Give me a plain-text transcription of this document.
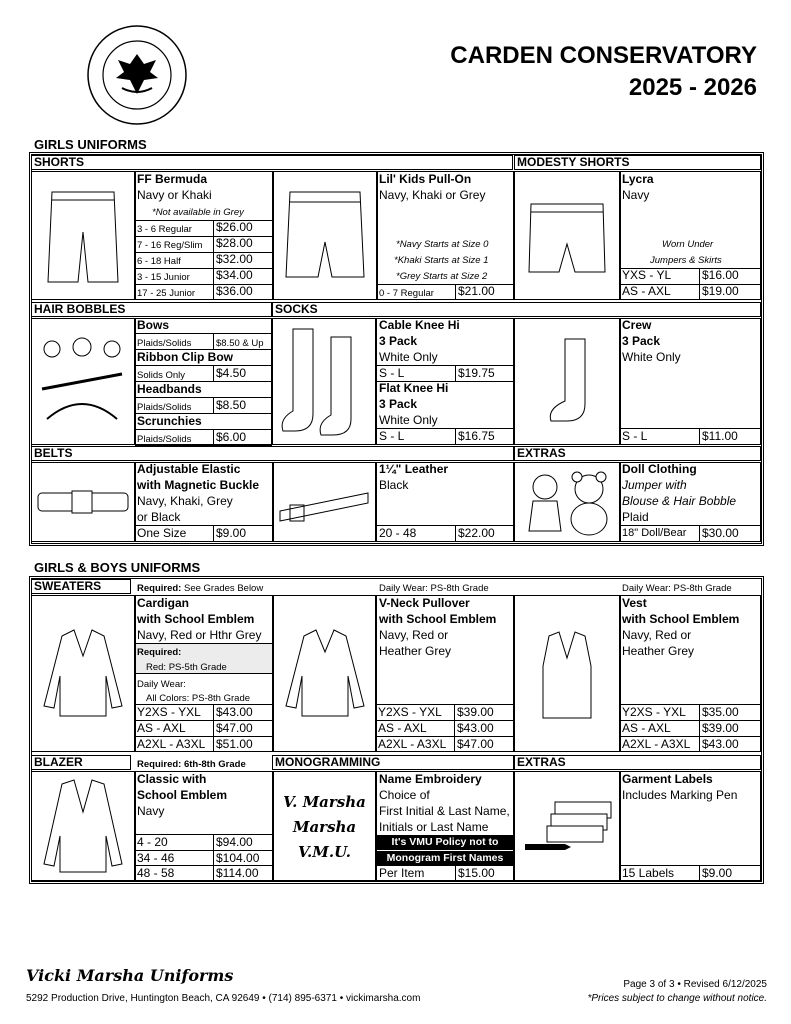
CARDEN CONSERVATORY
2025 - 2026
GIRLS UNIFORMS
SHORTS	MODESTY SHORTS
FF Bermuda
Navy or Khaki
*Not available in Grey
3 - 6 Regular $26.00
7 - 16 Reg/Slim $28.00
6 - 18 Half	$32.00
3 - 15 Junior $34.00
17 - 25 Junior $36.00
Lil' Kids Pull-On
Navy, Khaki or Grey
*Navy Starts at Size 0
*Khaki Starts at Size 1
*Grey Starts at Size 2
0 - 7 Regular $21.00
Lycra
Navy
Worn Under
Jumpers & Skirts
YXS - YL	$16.00
AS - AXL	$19.00
HAIR BOBBLES	SOCKS
Bows
Plaids/Solids	$8.50 & Up
Ribbon Clip Bow
Solids Only	$4.50
Headbands
Plaids/Solids $8.50
Scrunchies
Plaids/Solids $6.00
Cable Knee Hi
3 Pack
White Only
S - L	$19.75
Flat Knee Hi
3 Pack
White Only
S - L	$16.75
Crew
3 Pack
White Only
S - L	$11.00
BELTS	EXTRAS
Adjustable Elastic
with Magnetic Buckle
Navy, Khaki, Grey
or Black
One Size $9.00
1¼" Leather
Black
20 - 48	$22.00
Doll Clothing
Jumper with
Blouse & Hair Bobble
Plaid
18" Doll/Bear $30.00
GIRLS & BOYS UNIFORMS
SWEATERS	Required: See Grades Below	Daily Wear: PS-8th Grade	Daily Wear: PS-8th Grade
Cardigan
with School Emblem
Navy, Red or Hthr Grey
Required:
Red: PS-5th Grade
Daily Wear:
All Colors: PS-8th Grade
Y2XS - YXL $43.00
AS - AXL	$47.00
A2XL - A3XL $51.00
V-Neck Pullover
with School Emblem
Navy, Red or
Heather Grey
Y2XS - YXL $39.00
AS - AXL	$43.00
A2XL - A3XL $47.00
Vest
with School Emblem
Navy, Red or
Heather Grey
Y2XS - YXL $35.00
AS - AXL	$39.00
A2XL - A3XL $43.00
BLAZER	Required: 6th-8th Grade MONOGRAMMING	EXTRAS
Classic with
School Emblem
Navy
4 - 20	$94.00
34 - 46	$104.00
48 - 58	$114.00
V. Marsha
Marsha
V.M.U.
Name Embroidery
Choice of
First Initial & Last Name,
Initials or Last Name
It's VMU Policy not to
Monogram First Names
Per Item	$15.00
Garment Labels
Includes Marking Pen
15 Labels $9.00
Vicki Marsha Uniforms
5292 Production Drive, Huntington Beach, CA 92649 • (714) 895-6371 • vickimarsha.com
Page 3 of 3 • Revised 6/12/2025
*Prices subject to change without notice.
